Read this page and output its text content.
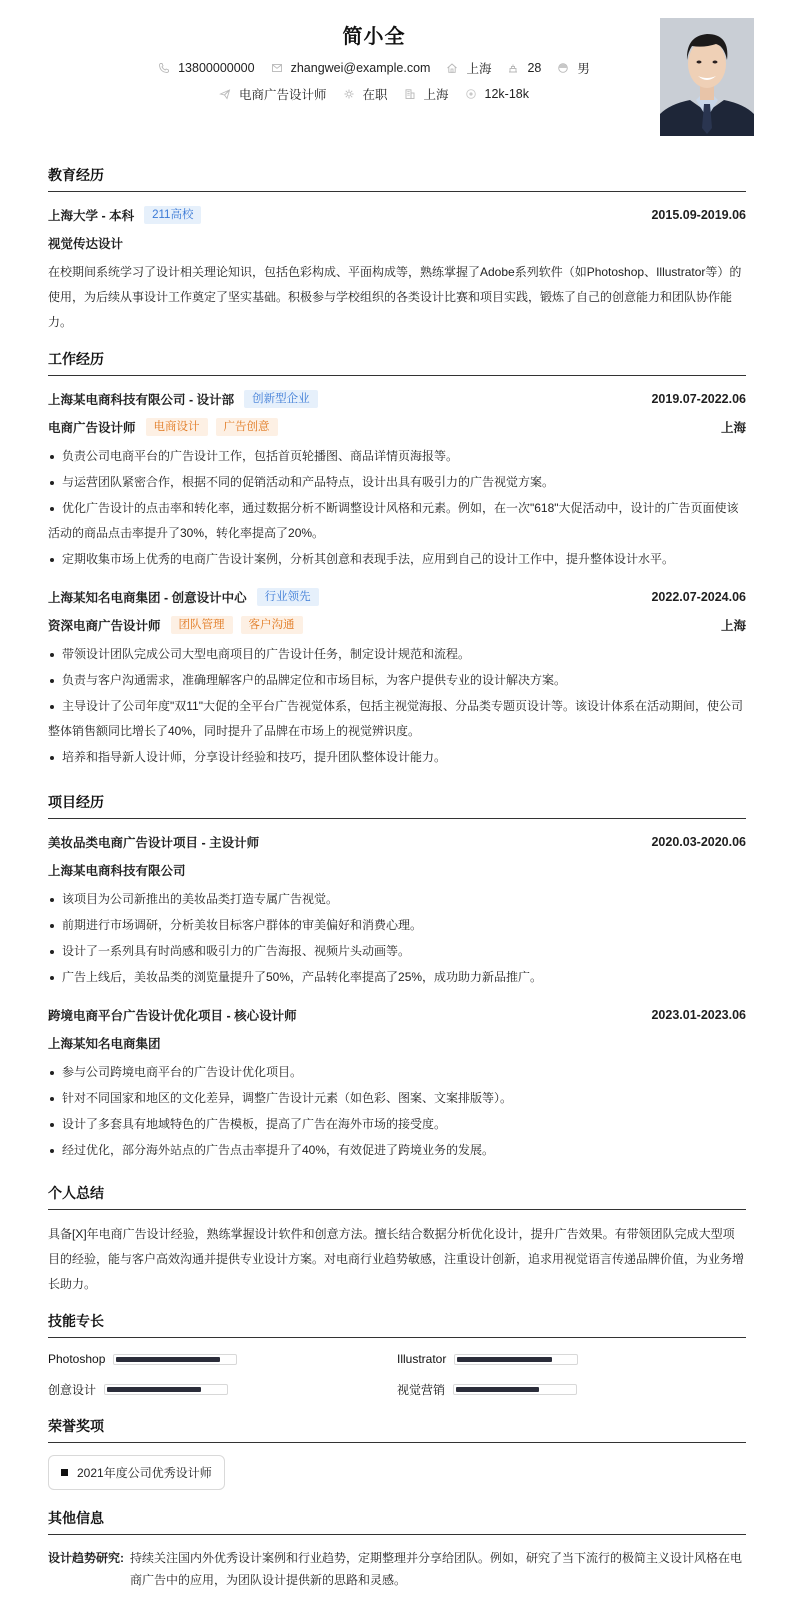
简小全
13800000000	zhangwei@example.com	上海	28	男
电商广告设计师	在职	上海	12k-18k
教育经历
上海大学 - 本科	211高校	2015.09-2019.06
视觉传达设计
在校期间系统学习了设计相关理论知识，包括色彩构成、平面构成等，熟练掌握了Adobe系列软件（如Photoshop、Illustrator等）的使用，为后续从事设计工作奠定了坚实基础。积极参与学校组织的各类设计比赛和项目实践，锻炼了自己的创意能力和团队协作能力。
工作经历
上海某电商科技有限公司 - 设计部	创新型企业	2019.07-2022.06
电商广告设计师	电商设计	广告创意	上海
负责公司电商平台的广告设计工作，包括首页轮播图、商品详情页海报等。
与运营团队紧密合作，根据不同的促销活动和产品特点，设计出具有吸引力的广告视觉方案。
优化广告设计的点击率和转化率，通过数据分析不断调整设计风格和元素。例如，在一次"618"大促活动中，设计的广告页面使该活动的商品点击率提升了30%，转化率提高了20%。
定期收集市场上优秀的电商广告设计案例，分析其创意和表现手法，应用到自己的设计工作中，提升整体设计水平。
上海某知名电商集团 - 创意设计中心	行业领先	2022.07-2024.06
资深电商广告设计师	团队管理	客户沟通	上海
带领设计团队完成公司大型电商项目的广告设计任务，制定设计规范和流程。
负责与客户沟通需求，准确理解客户的品牌定位和市场目标，为客户提供专业的设计解决方案。
主导设计了公司年度"双11"大促的全平台广告视觉体系，包括主视觉海报、分品类专题页设计等。该设计体系在活动期间，使公司整体销售额同比增长了40%，同时提升了品牌在市场上的视觉辨识度。
培养和指导新人设计师，分享设计经验和技巧，提升团队整体设计能力。
项目经历
美妆品类电商广告设计项目 - 主设计师	2020.03-2020.06
上海某电商科技有限公司
该项目为公司新推出的美妆品类打造专属广告视觉。
前期进行市场调研，分析美妆目标客户群体的审美偏好和消费心理。
设计了一系列具有时尚感和吸引力的广告海报、视频片头动画等。
广告上线后，美妆品类的浏览量提升了50%，产品转化率提高了25%，成功助力新品推广。
跨境电商平台广告设计优化项目 - 核心设计师	2023.01-2023.06
上海某知名电商集团
参与公司跨境电商平台的广告设计优化项目。
针对不同国家和地区的文化差异，调整广告设计元素（如色彩、图案、文案排版等）。
设计了多套具有地域特色的广告模板，提高了广告在海外市场的接受度。
经过优化，部分海外站点的广告点击率提升了40%，有效促进了跨境业务的发展。
个人总结
具备[X]年电商广告设计经验，熟练掌握设计软件和创意方法。擅长结合数据分析优化设计，提升广告效果。有带领团队完成大型项目的经验，能与客户高效沟通并提供专业设计方案。对电商行业趋势敏感，注重设计创新，追求用视觉语言传递品牌价值，为业务增长助力。
技能专长
Photoshop	Illustrator
创意设计	视觉营销
荣誉奖项
2021年度公司优秀设计师
其他信息
设计趋势研究: 持续关注国内外优秀设计案例和行业趋势，定期整理并分享给团队。例如，研究了当下流行的极简主义设计风格在电商广告中的应用，为团队设计提供新的思路和灵感。
